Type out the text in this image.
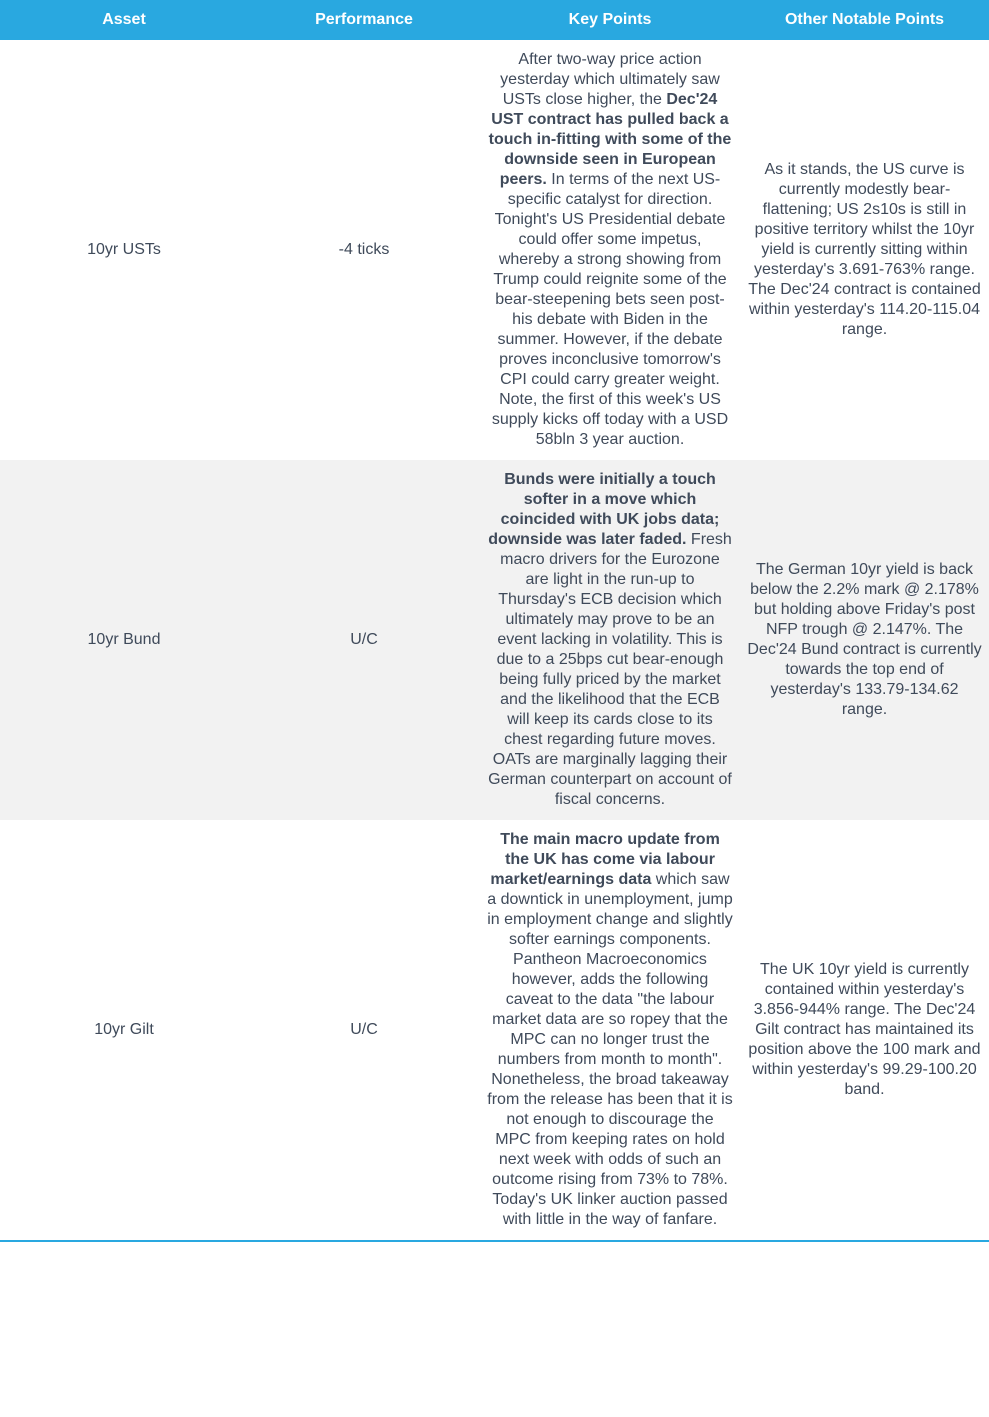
Asset	Performance	Key Points	Other Notable Points
10yr USTs	-4 ticks	After two-way price action yesterday which ultimately saw USTs close higher, the Dec'24 UST contract has pulled back a touch in-fitting with some of the downside seen in European peers. In terms of the next US-specific catalyst for direction. Tonight's US Presidential debate could offer some impetus, whereby a strong showing from Trump could reignite some of the bear-steepening bets seen post-his debate with Biden in the summer. However, if the debate proves inconclusive tomorrow's CPI could carry greater weight. Note, the first of this week's US supply kicks off today with a USD 58bln 3 year auction.	As it stands, the US curve is currently modestly bear-flattening; US 2s10s is still in positive territory whilst the 10yr yield is currently sitting within yesterday's 3.691-763% range. The Dec'24 contract is contained within yesterday's 114.20-115.04 range.
10yr Bund	U/C	Bunds were initially a touch softer in a move which coincided with UK jobs data; downside was later faded. Fresh macro drivers for the Eurozone are light in the run-up to Thursday's ECB decision which ultimately may prove to be an event lacking in volatility. This is due to a 25bps cut bear-enough being fully priced by the market and the likelihood that the ECB will keep its cards close to its chest regarding future moves. OATs are marginally lagging their German counterpart on account of fiscal concerns.	The German 10yr yield is back below the 2.2% mark @ 2.178% but holding above Friday's post NFP trough @ 2.147%. The Dec'24 Bund contract is currently towards the top end of yesterday's 133.79-134.62 range.
10yr Gilt	U/C	The main macro update from the UK has come via labour market/earnings data which saw a downtick in unemployment, jump in employment change and slightly softer earnings components. Pantheon Macroeconomics however, adds the following caveat to the data "the labour market data are so ropey that the MPC can no longer trust the numbers from month to month". Nonetheless, the broad takeaway from the release has been that it is not enough to discourage the MPC from keeping rates on hold next week with odds of such an outcome rising from 73% to 78%. Today's UK linker auction passed with little in the way of fanfare.	The UK 10yr yield is currently contained within yesterday's 3.856-944% range. The Dec'24 Gilt contract has maintained its position above the 100 mark and within yesterday's 99.29-100.20 band.
